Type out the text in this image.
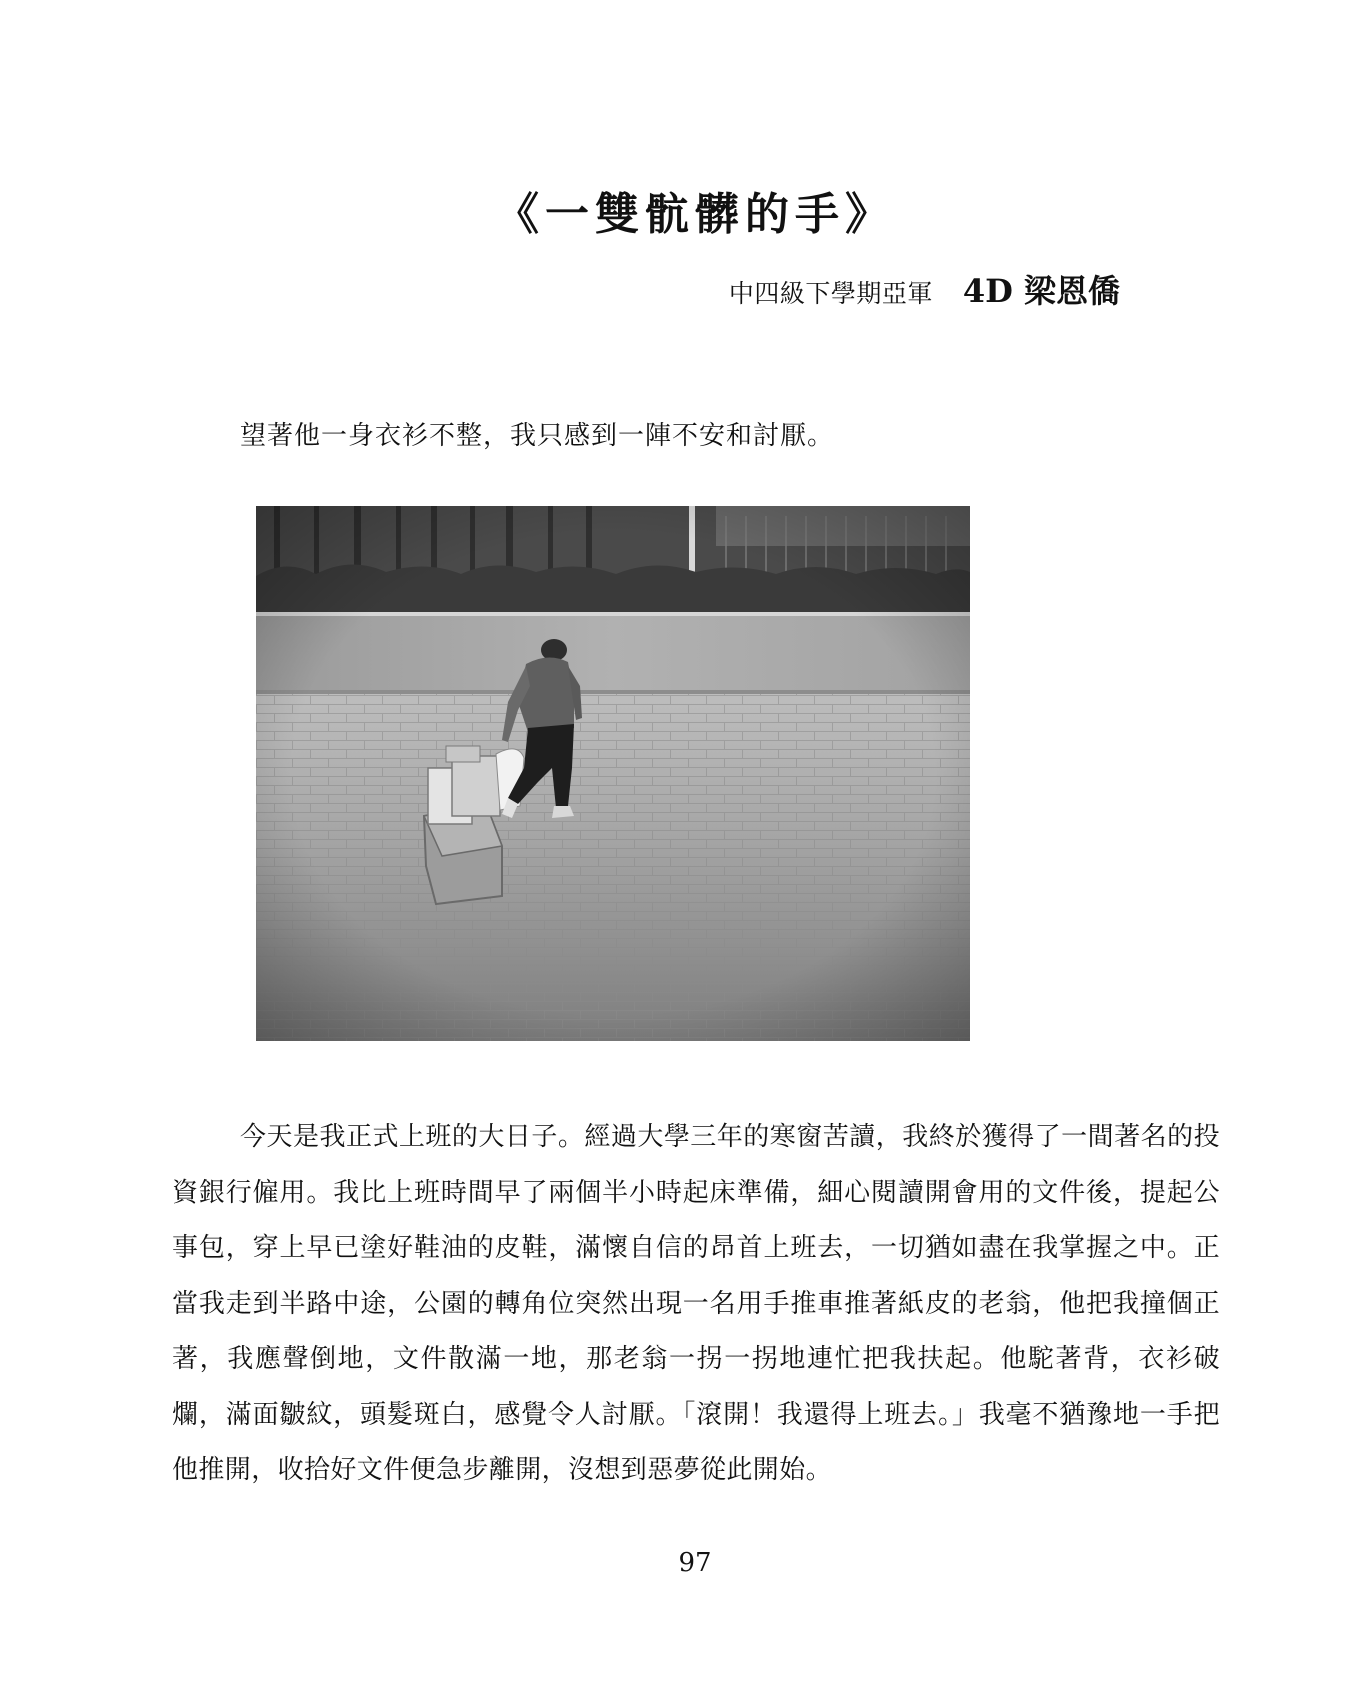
《一雙骯髒的手》
中四級下學期亞軍 4D 梁恩僑

望著他一身衣衫不整，我只感到一陣不安和討厭。

今天是我正式上班的大日子。經過大學三年的寒窗苦讀，我終於獲得了一間著名的投資銀行僱用。我比上班時間早了兩個半小時起床準備，細心閱讀開會用的文件後，提起公事包，穿上早已塗好鞋油的皮鞋，滿懷自信的昂首上班去，一切猶如盡在我掌握之中。正當我走到半路中途，公園的轉角位突然出現一名用手推車推著紙皮的老翁，他把我撞個正著，我應聲倒地，文件散滿一地，那老翁一拐一拐地連忙把我扶起。他駝著背，衣衫破爛，滿面皺紋，頭髮斑白，感覺令人討厭。「滾開！我還得上班去。」我毫不猶豫地一手把他推開，收拾好文件便急步離開，沒想到惡夢從此開始。

97
